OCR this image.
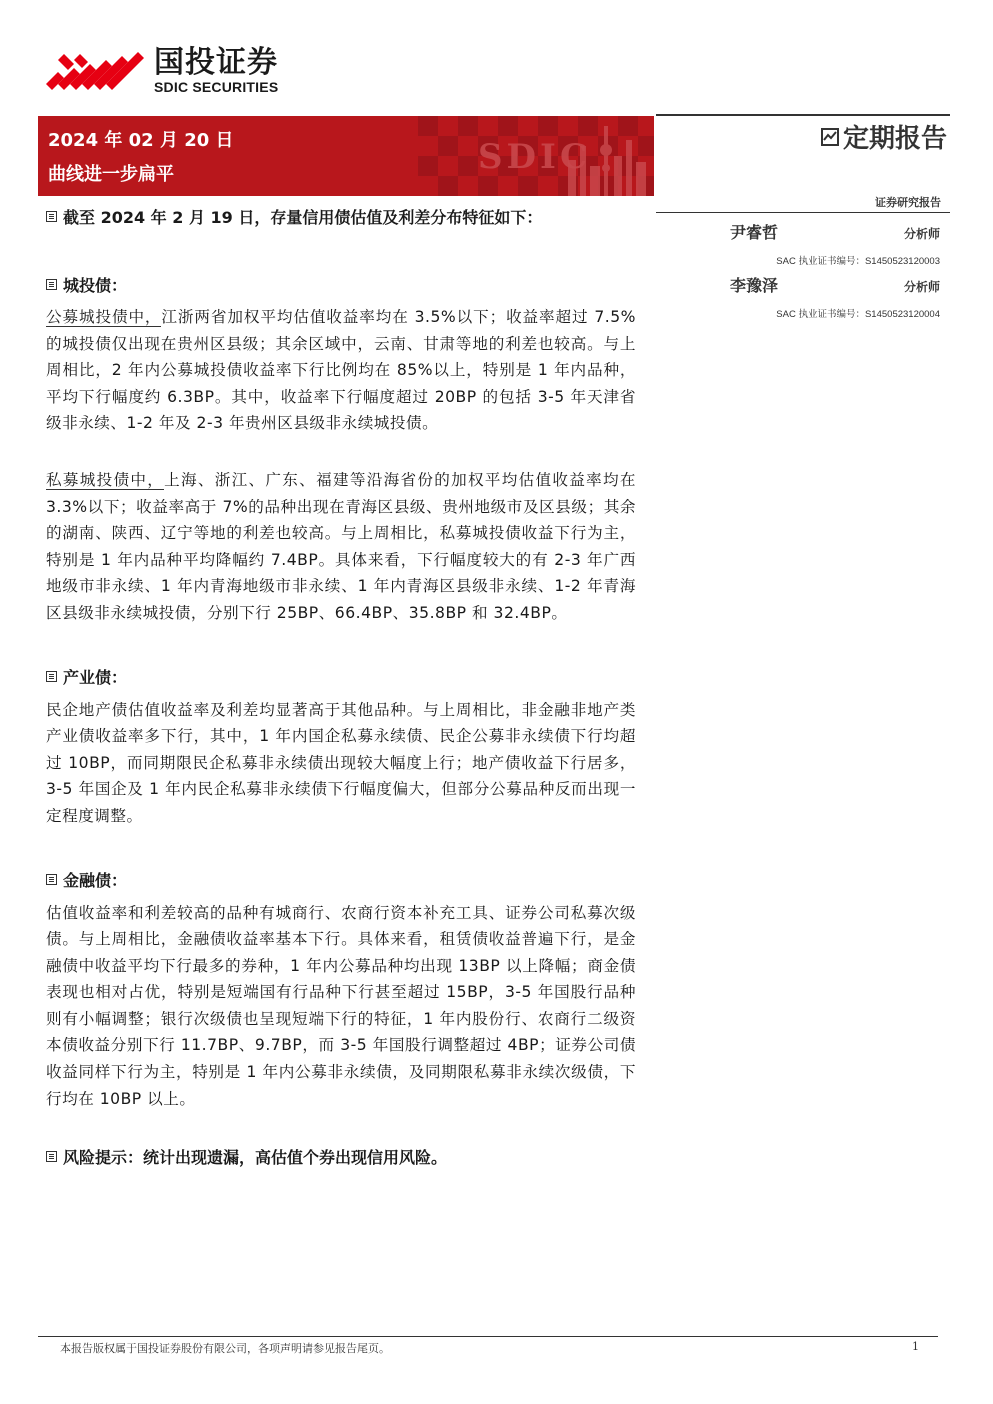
国投证券
SDIC SECURITIES
SDIC
2024 年 02 月 20 日
曲线进一步扁平
定期报告
证券研究报告
尹睿哲	分析师
SAC 执业证书编号：S1450523120003
李豫泽	分析师
SAC 执业证书编号：S1450523120004
截至 2024 年 2 月 19 日，存量信用债估值及利差分布特征如下：
城投债：

公募城投债中，江浙两省加权平均估值收益率均在 3.5%以下；收益率超过 7.5%的城投债仅出现在贵州区县级；其余区域中，云南、甘肃等地的利差也较高。与上周相比，2 年内公募城投债收益率下行比例均在 85%以上，特别是 1 年内品种，平均下行幅度约 6.3BP。其中，收益率下行幅度超过 20BP 的包括 3-5 年天津省级非永续、1-2 年及 2-3 年贵州区县级非永续城投债。

私募城投债中，上海、浙江、广东、福建等沿海省份的加权平均估值收益率均在 3.3%以下；收益率高于 7%的品种出现在青海区县级、贵州地级市及区县级；其余的湖南、陕西、辽宁等地的利差也较高。与上周相比，私募城投债收益下行为主，特别是 1 年内品种平均降幅约 7.4BP。具体来看，下行幅度较大的有 2-3 年广西地级市非永续、1 年内青海地级市非永续、1 年内青海区县级非永续、1-2 年青海区县级非永续城投债，分别下行 25BP、66.4BP、35.8BP 和 32.4BP。

产业债：

民企地产债估值收益率及利差均显著高于其他品种。与上周相比，非金融非地产类产业债收益率多下行，其中，1 年内国企私募永续债、民企公募非永续债下行均超过 10BP，而同期限民企私募非永续债出现较大幅度上行；地产债收益下行居多，3-5 年国企及 1 年内民企私募非永续债下行幅度偏大，但部分公募品种反而出现一定程度调整。

金融债：

估值收益率和利差较高的品种有城商行、农商行资本补充工具、证券公司私募次级债。与上周相比，金融债收益率基本下行。具体来看，租赁债收益普遍下行，是金融债中收益平均下行最多的券种，1 年内公募品种均出现 13BP 以上降幅；商金债表现也相对占优，特别是短端国有行品种下行甚至超过 15BP，3-5 年国股行品种则有小幅调整；银行次级债也呈现短端下行的特征，1 年内股份行、农商行二级资本债收益分别下行 11.7BP、9.7BP，而 3-5 年国股行调整超过 4BP；证券公司债收益同样下行为主，特别是 1 年内公募非永续债，及同期限私募非永续次级债，下行均在 10BP 以上。

风险提示：统计出现遗漏，高估值个券出现信用风险。
本报告版权属于国投证券股份有限公司，各项声明请参见报告尾页。	1
